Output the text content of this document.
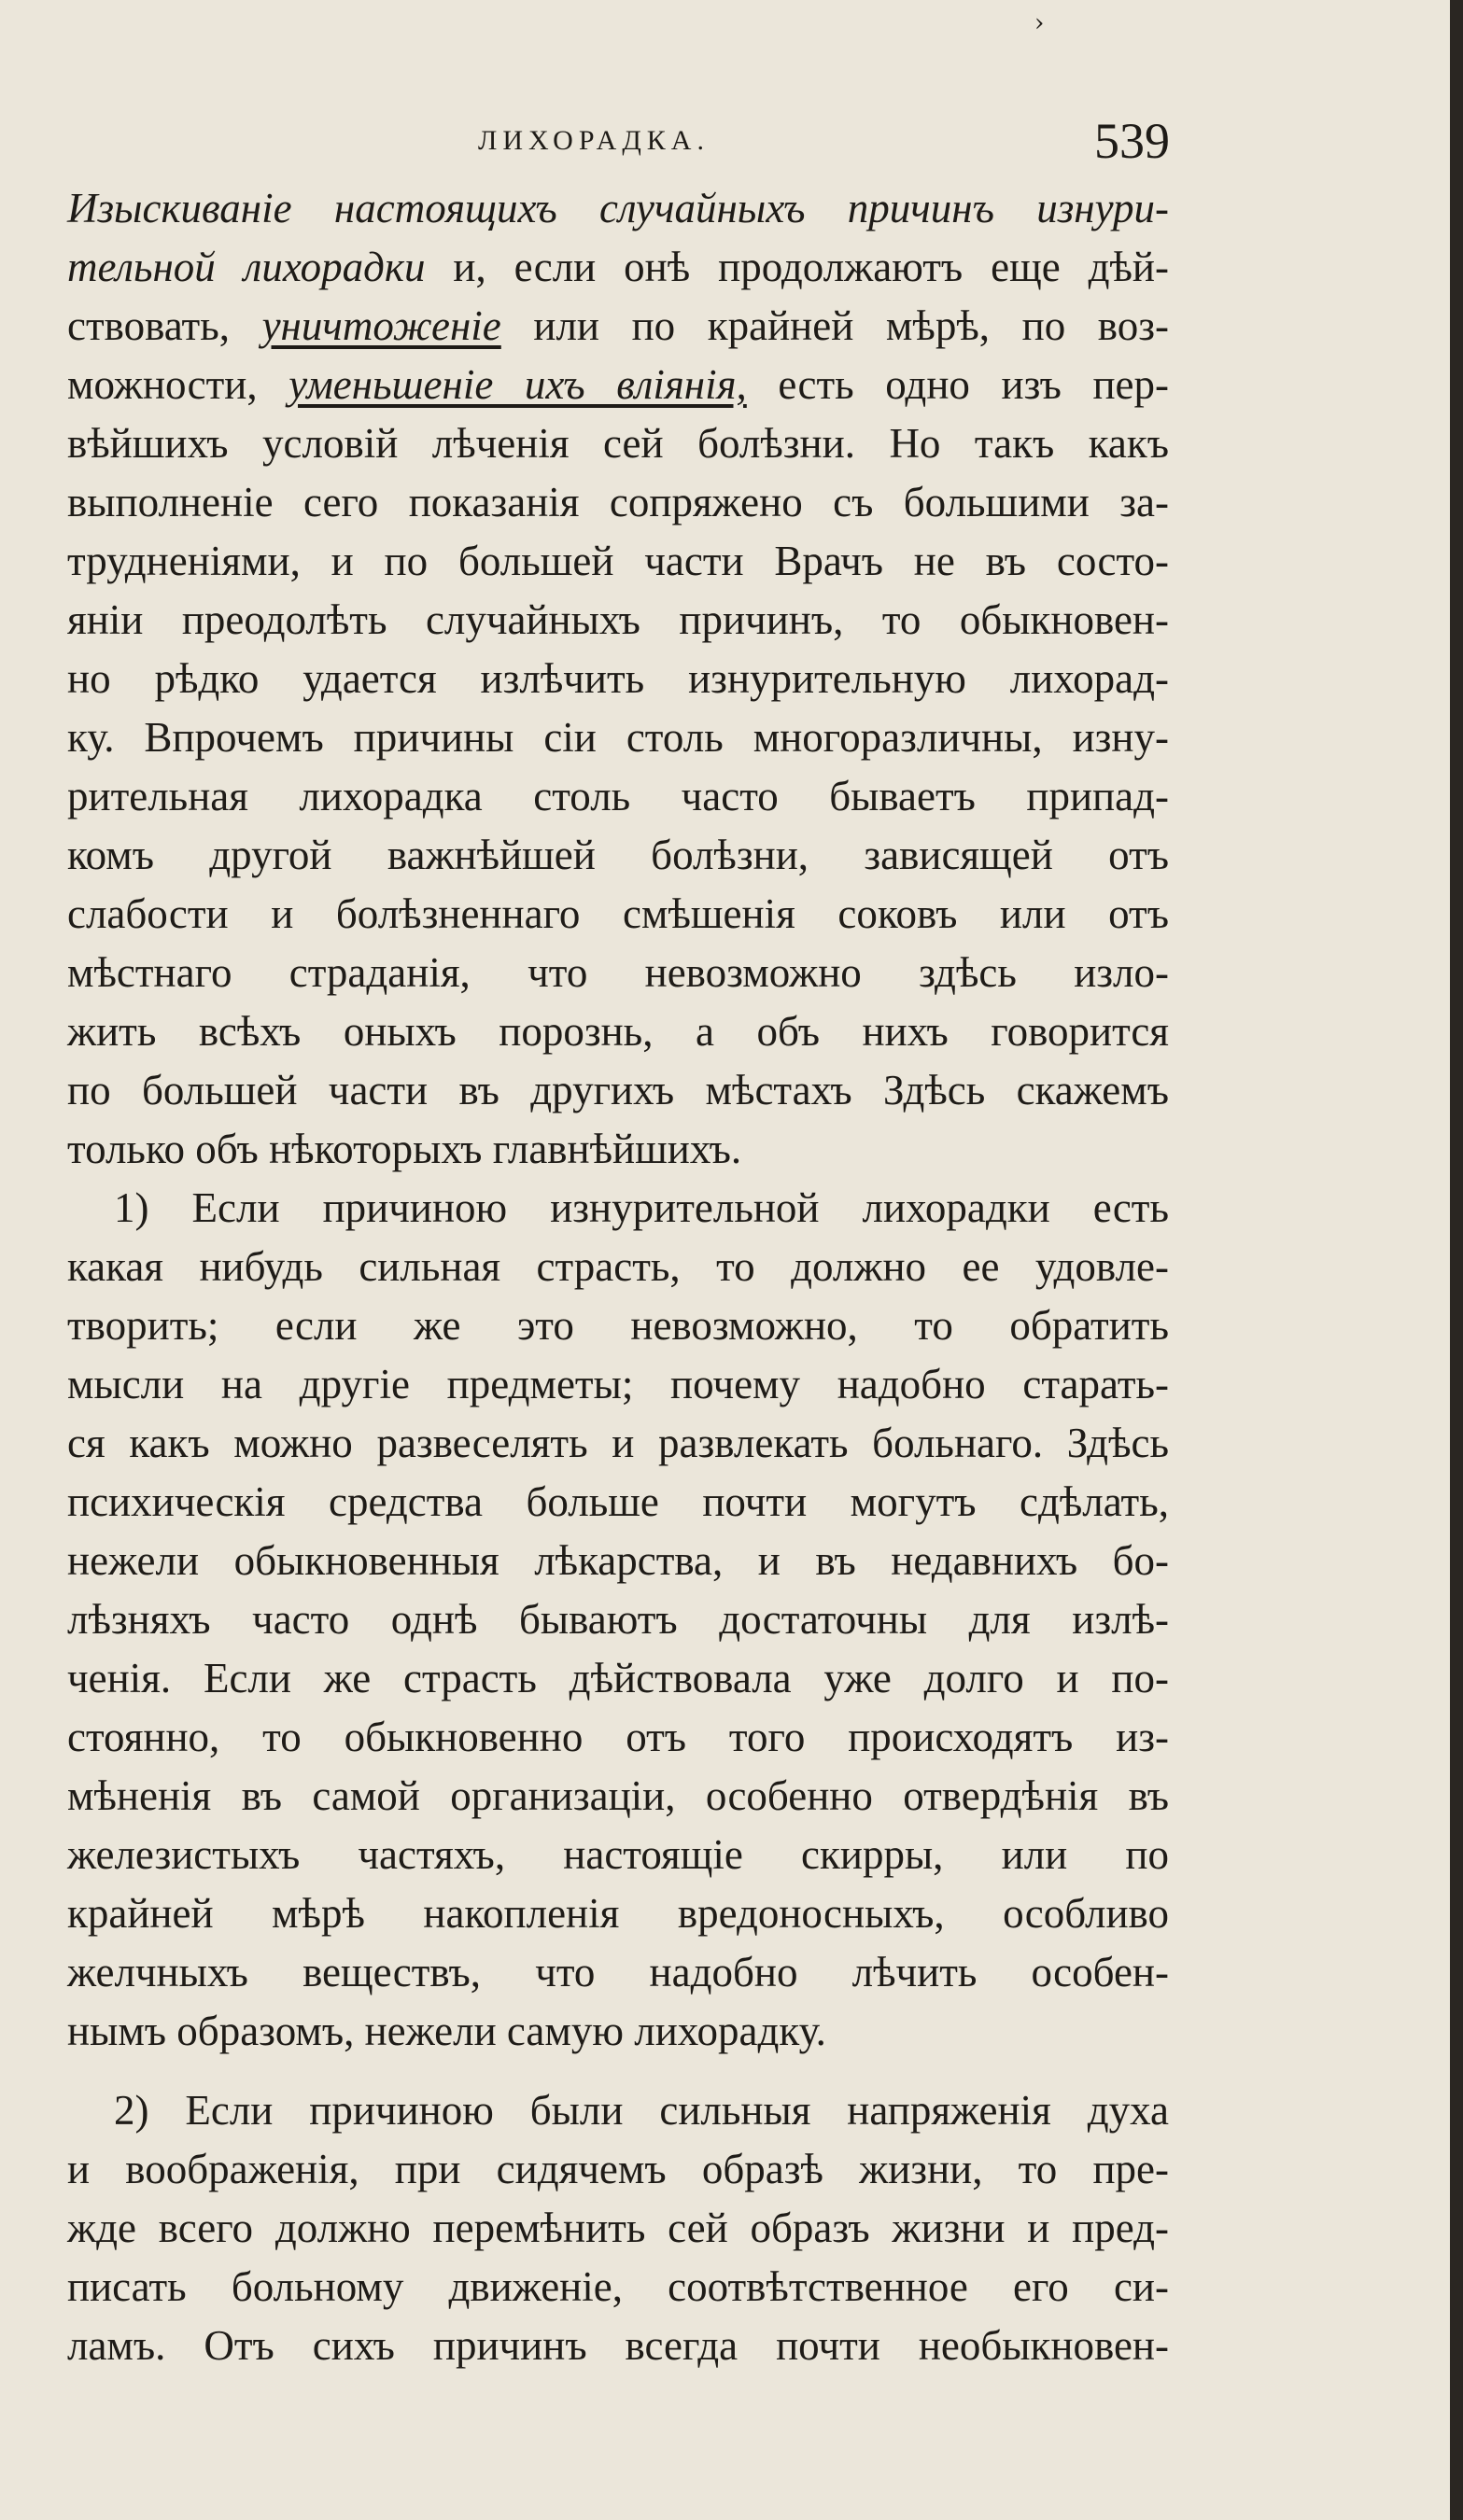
›
ЛИХОРАДКА.	539
Изыскиванiе настоящихъ случайныхъ причинъ изнури-
тельной лихорадки и, если онѣ продолжаютъ еще дѣй-
ствовать, уничтоженiе или по крайней мѣрѣ, по воз-
можности, уменьшенiе ихъ влiянiя, есть одно изъ пер-
вѣйшихъ условiй лѣченiя сей болѣзни. Но такъ какъ
выполненiе сего показанiя сопряжено съ большими за-
трудненiями, и по большей части Врачъ не въ состо-
янiи преодолѣть случайныхъ причинъ, то обыкновен-
но рѣдко удается излѣчить изнурительную лихорад-
ку. Впрочемъ причины сiи столь многоразличны, изну-
рительная лихорадка столь часто бываетъ припад-
комъ другой важнѣйшей болѣзни, зависящей отъ
слабости и болѣзненнаго смѣшенiя соковъ или отъ
мѣстнаго страданiя, что невозможно здѣсь изло-
жить всѣхъ оныхъ порознь, а объ нихъ говорится
по большей части въ другихъ мѣстахъ Здѣсь скажемъ
только объ нѣкоторыхъ главнѣйшихъ.
1) Если причиною изнурительной лихорадки есть
какая нибудь сильная страсть, то должно ее удовле-
творить; если же это невозможно, то обратить
мысли на другiе предметы; почему надобно старать-
ся какъ можно развеселять и развлекать больнаго. Здѣсь
психическiя средства больше почти могутъ сдѣлать,
нежели обыкновенныя лѣкарства, и въ недавнихъ бо-
лѣзняхъ часто однѣ бываютъ достаточны для излѣ-
ченiя. Если же страсть дѣйствовала уже долго и по-
стоянно, то обыкновенно отъ того происходятъ из-
мѣненiя въ самой организацiи, особенно отвердѣнiя въ
железистыхъ частяхъ, настоящiе скирры, или по
крайней мѣрѣ накопленiя вредоносныхъ, особливо
желчныхъ веществъ, что надобно лѣчить особен-
нымъ образомъ, нежели самую лихорадку.
2) Если причиною были сильныя напряженiя духа
и воображенiя, при сидячемъ образѣ жизни, то пре-
жде всего должно перемѣнить сей образъ жизни и пред-
писать больному движенiе, соотвѣтственное его си-
ламъ. Отъ сихъ причинъ всегда почти необыкновен-
